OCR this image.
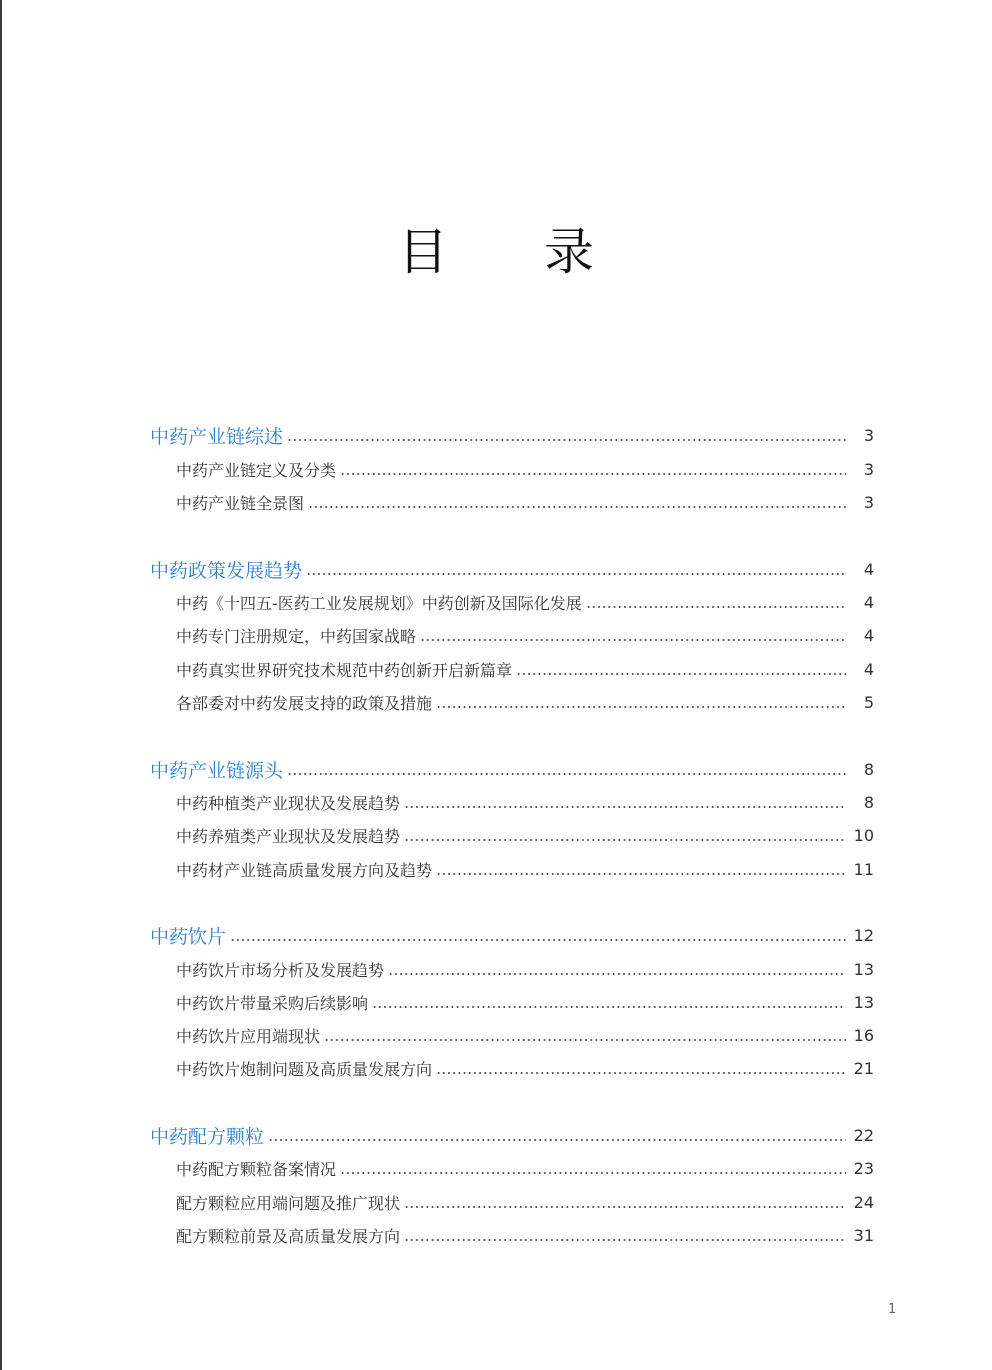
目 录
中药产业链综述	3
中药产业链定义及分类	3
中药产业链全景图	3
中药政策发展趋势	4
中药《十四五-医药工业发展规划》中药创新及国际化发展	4
中药专门注册规定，中药国家战略	4
中药真实世界研究技术规范中药创新开启新篇章	4
各部委对中药发展支持的政策及措施	5
中药产业链源头	8
中药种植类产业现状及发展趋势	8
中药养殖类产业现状及发展趋势	10
中药材产业链高质量发展方向及趋势	11
中药饮片	12
中药饮片市场分析及发展趋势	13
中药饮片带量采购后续影响	13
中药饮片应用端现状	16
中药饮片炮制问题及高质量发展方向	21
中药配方颗粒	22
中药配方颗粒备案情况	23
配方颗粒应用端问题及推广现状	24
配方颗粒前景及高质量发展方向	31
1
